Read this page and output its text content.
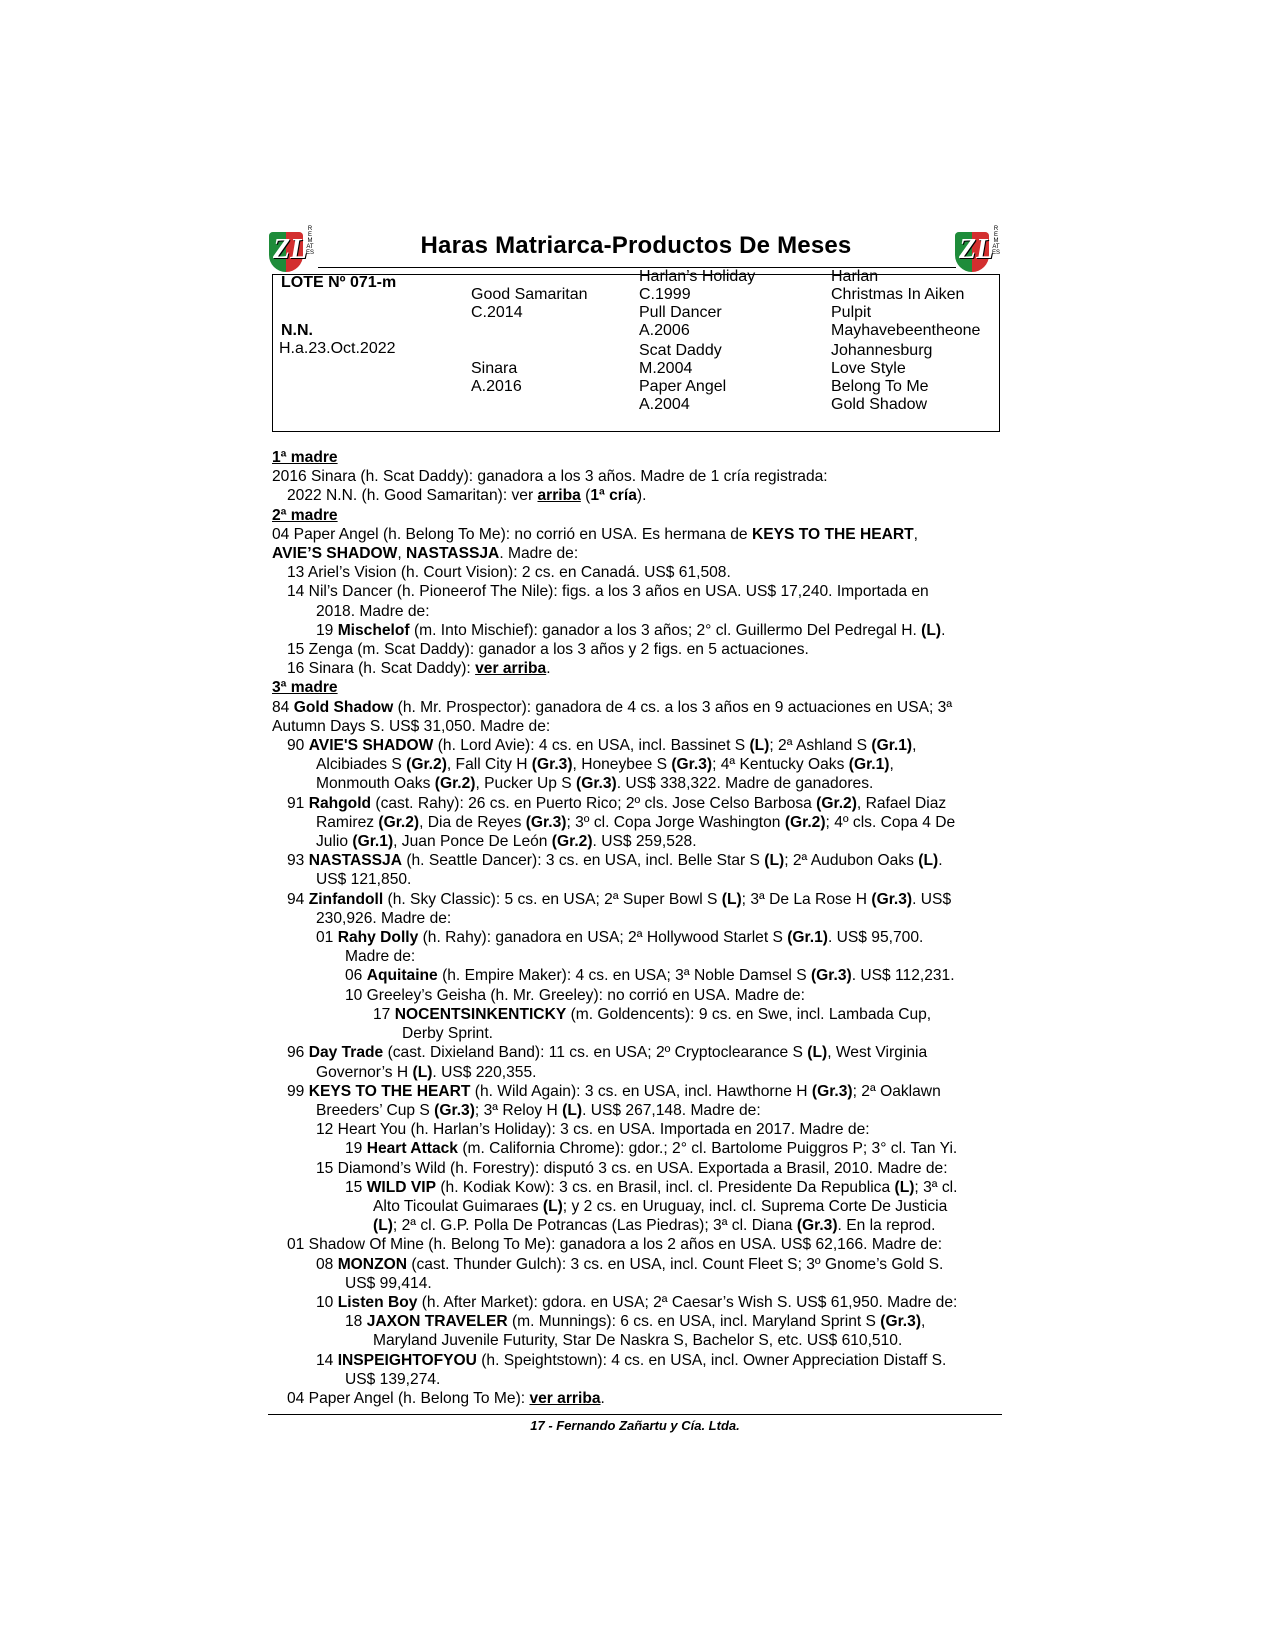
ZL
REMATES	Haras Matriarca-Productos De Meses	ZL
REMATES
LOTE Nº 071-m
N.N.
H.a.23.Oct.2022
Good Samaritan
C.2014
Sinara
A.2016
Harlan’s Holiday
C.1999
Pull Dancer
A.2006
Scat Daddy
M.2004
Paper Angel
A.2004
Harlan
Christmas In Aiken
Pulpit
Mayhavebeentheone
Johannesburg
Love Style
Belong To Me
Gold Shadow
1ª madre
2016 Sinara (h. Scat Daddy): ganadora a los 3 años. Madre de 1 cría registrada:
2022 N.N. (h. Good Samaritan): ver arriba (1ª cría).
2ª madre
04 Paper Angel (h. Belong To Me): no corrió en USA. Es hermana de KEYS TO THE HEART,
AVIE’S SHADOW, NASTASSJA. Madre de:
13 Ariel’s Vision (h. Court Vision): 2 cs. en Canadá. US$ 61,508.
14 Nil’s Dancer (h. Pioneerof The Nile): figs. a los 3 años en USA. US$ 17,240. Importada en
2018. Madre de:
19 Mischelof (m. Into Mischief): ganador a los 3 años; 2° cl. Guillermo Del Pedregal H. (L).
15 Zenga (m. Scat Daddy): ganador a los 3 años y 2 figs. en 5 actuaciones.
16 Sinara (h. Scat Daddy): ver arriba.
3ª madre
84 Gold Shadow (h. Mr. Prospector): ganadora de 4 cs. a los 3 años en 9 actuaciones en USA; 3ª
Autumn Days S. US$ 31,050. Madre de:
90 AVIE'S SHADOW (h. Lord Avie): 4 cs. en USA, incl. Bassinet S (L); 2ª Ashland S (Gr.1),
Alcibiades S (Gr.2), Fall City H (Gr.3), Honeybee S (Gr.3); 4ª Kentucky Oaks (Gr.1),
Monmouth Oaks (Gr.2), Pucker Up S (Gr.3). US$ 338,322. Madre de ganadores.
91 Rahgold (cast. Rahy): 26 cs. en Puerto Rico; 2º cls. Jose Celso Barbosa (Gr.2), Rafael Diaz
Ramirez (Gr.2), Dia de Reyes (Gr.3); 3º cl. Copa Jorge Washington (Gr.2); 4º cls. Copa 4 De
Julio (Gr.1), Juan Ponce De León (Gr.2). US$ 259,528.
93 NASTASSJA (h. Seattle Dancer): 3 cs. en USA, incl. Belle Star S (L); 2ª Audubon Oaks (L).
US$ 121,850.
94 Zinfandoll (h. Sky Classic): 5 cs. en USA; 2ª Super Bowl S (L); 3ª De La Rose H (Gr.3). US$
230,926. Madre de:
01 Rahy Dolly (h. Rahy): ganadora en USA; 2ª Hollywood Starlet S (Gr.1). US$ 95,700.
Madre de:
06 Aquitaine (h. Empire Maker): 4 cs. en USA; 3ª Noble Damsel S (Gr.3). US$ 112,231.
10 Greeley’s Geisha (h. Mr. Greeley): no corrió en USA. Madre de:
17 NOCENTSINKENTICKY (m. Goldencents): 9 cs. en Swe, incl. Lambada Cup,
Derby Sprint.
96 Day Trade (cast. Dixieland Band): 11 cs. en USA; 2º Cryptoclearance S (L), West Virginia
Governor’s H (L). US$ 220,355.
99 KEYS TO THE HEART (h. Wild Again): 3 cs. en USA, incl. Hawthorne H (Gr.3); 2ª Oaklawn
Breeders’ Cup S (Gr.3); 3ª Reloy H (L). US$ 267,148. Madre de:
12 Heart You (h. Harlan’s Holiday): 3 cs. en USA. Importada en 2017. Madre de:
19 Heart Attack (m. California Chrome): gdor.; 2° cl. Bartolome Puiggros P; 3° cl. Tan Yi.
15 Diamond’s Wild (h. Forestry): disputó 3 cs. en USA. Exportada a Brasil, 2010. Madre de:
15 WILD VIP (h. Kodiak Kow): 3 cs. en Brasil, incl. cl. Presidente Da Republica (L); 3ª cl.
Alto Ticoulat Guimaraes (L); y 2 cs. en Uruguay, incl. cl. Suprema Corte De Justicia
(L); 2ª cl. G.P. Polla De Potrancas (Las Piedras); 3ª cl. Diana (Gr.3). En la reprod.
01 Shadow Of Mine (h. Belong To Me): ganadora a los 2 años en USA. US$ 62,166. Madre de:
08 MONZON (cast. Thunder Gulch): 3 cs. en USA, incl. Count Fleet S; 3º Gnome’s Gold S.
US$ 99,414.
10 Listen Boy (h. After Market): gdora. en USA; 2ª Caesar’s Wish S. US$ 61,950. Madre de:
18 JAXON TRAVELER (m. Munnings): 6 cs. en USA, incl. Maryland Sprint S (Gr.3),
Maryland Juvenile Futurity, Star De Naskra S, Bachelor S, etc. US$ 610,510.
14 INSPEIGHTOFYOU (h. Speightstown): 4 cs. en USA, incl. Owner Appreciation Distaff S.
US$ 139,274.
04 Paper Angel (h. Belong To Me): ver arriba.
17 - Fernando Zañartu y Cía. Ltda.
